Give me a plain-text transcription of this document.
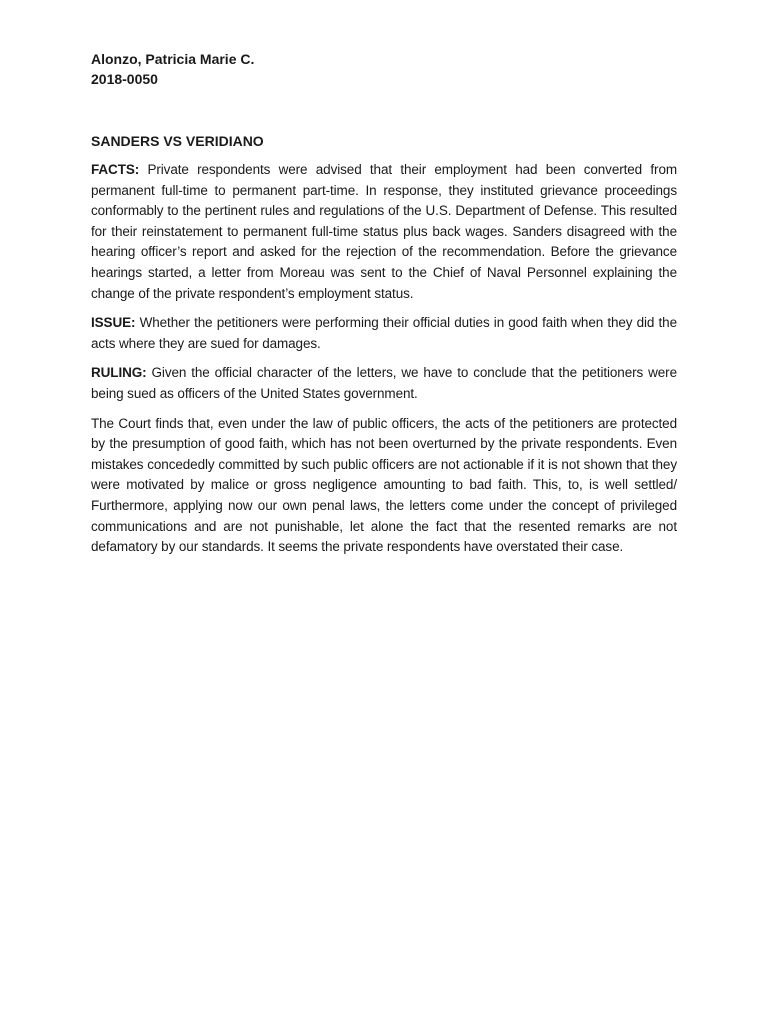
Alonzo, Patricia Marie C.

2018-0050

SANDERS VS VERIDIANO

FACTS: Private respondents were advised that their employment had been converted from permanent full-time to permanent part-time. In response, they instituted grievance proceedings conformably to the pertinent rules and regulations of the U.S. Department of Defense. This resulted for their reinstatement to permanent full-time status plus back wages. Sanders disagreed with the hearing officer’s report and asked for the rejection of the recommendation. Before the grievance hearings started, a letter from Moreau was sent to the Chief of Naval Personnel explaining the change of the private respondent’s employment status.

ISSUE: Whether the petitioners were performing their official duties in good faith when they did the acts where they are sued for damages.

RULING: Given the official character of the letters, we have to conclude that the petitioners were being sued as officers of the United States government.

The Court finds that, even under the law of public officers, the acts of the petitioners are protected by the presumption of good faith, which has not been overturned by the private respondents. Even mistakes concededly committed by such public officers are not actionable if it is not shown that they were motivated by malice or gross negligence amounting to bad faith. This, to, is well settled/ Furthermore, applying now our own penal laws, the letters come under the concept of privileged communications and are not punishable, let alone the fact that the resented remarks are not defamatory by our standards. It seems the private respondents have overstated their case.
